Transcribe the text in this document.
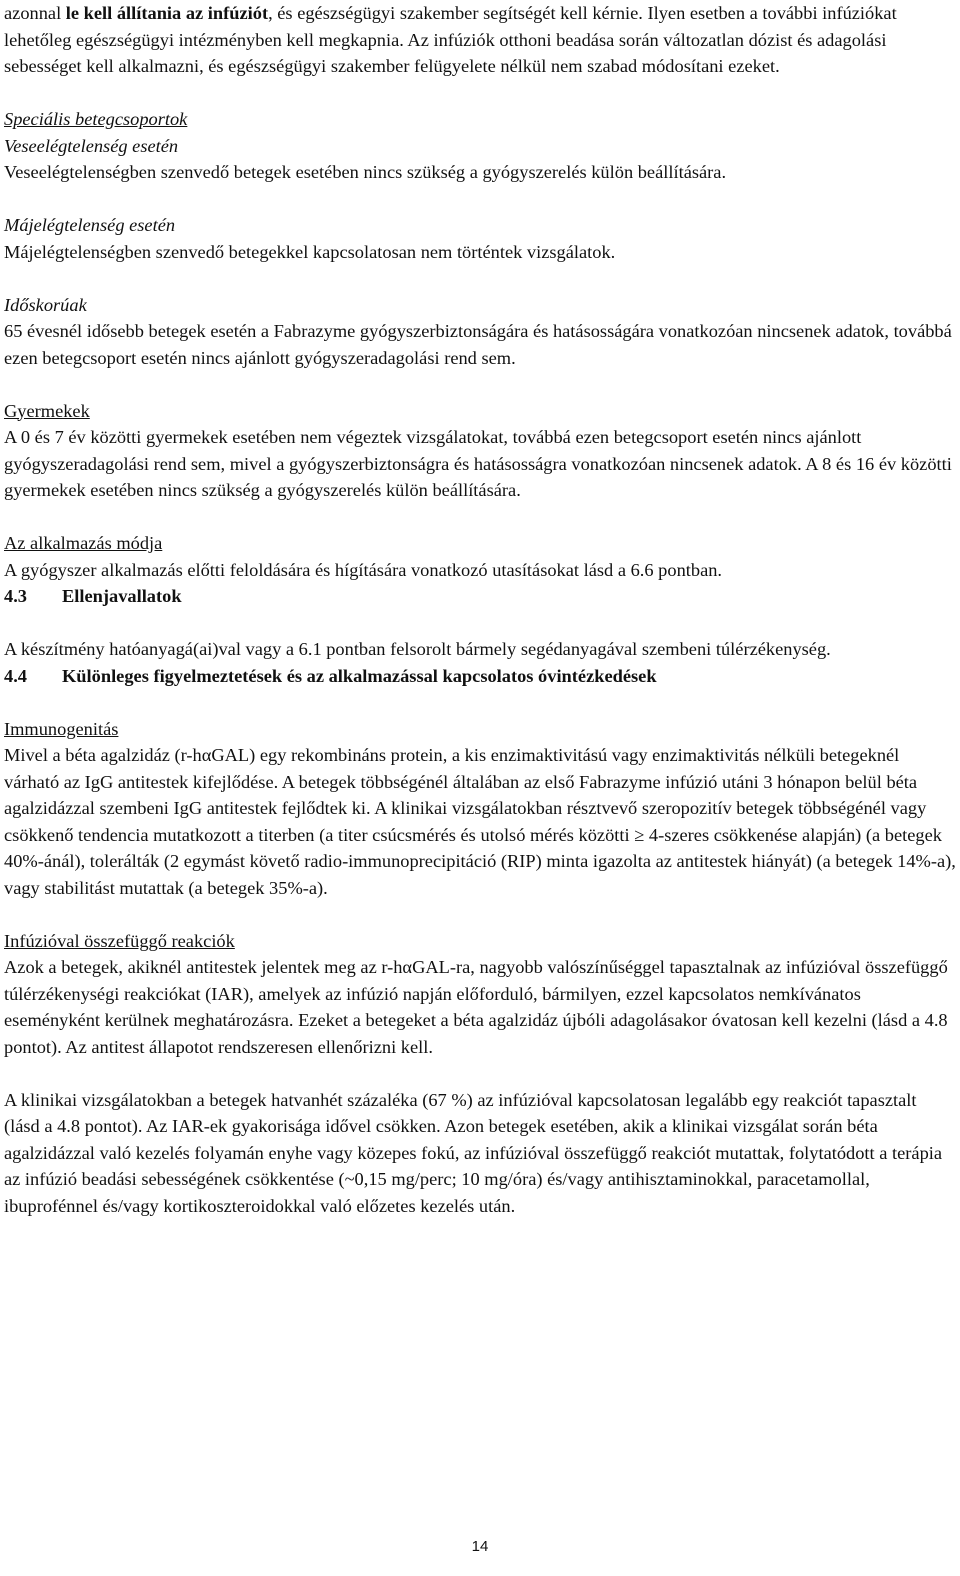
azonnal le kell állítania az infúziót, és egészségügyi szakember segítségét kell kérnie. Ilyen esetben a további infúziókat lehetőleg egészségügyi intézményben kell megkapnia. Az infúziók otthoni beadása során változatlan dózist és adagolási sebességet kell alkalmazni, és egészségügyi szakember felügyelete nélkül nem szabad módosítani ezeket.

Speciális betegcsoportok

Veseelégtelenség esetén

Veseelégtelenségben szenvedő betegek esetében nincs szükség a gyógyszerelés külön beállítására.

Májelégtelenség esetén

Májelégtelenségben szenvedő betegekkel kapcsolatosan nem történtek vizsgálatok.

Időskorúak

65 évesnél idősebb betegek esetén a Fabrazyme gyógyszerbiztonságára és hatásosságára vonatkozóan nincsenek adatok, továbbá ezen betegcsoport esetén nincs ajánlott gyógyszeradagolási rend sem.

Gyermekek

A 0 és 7 év közötti gyermekek esetében nem végeztek vizsgálatokat, továbbá ezen betegcsoport esetén nincs ajánlott gyógyszeradagolási rend sem, mivel a gyógyszerbiztonságra és hatásosságra vonatkozóan nincsenek adatok. A 8 és 16 év közötti gyermekek esetében nincs szükség a gyógyszerelés külön beállítására.

Az alkalmazás módja

A gyógyszer alkalmazás előtti feloldására és hígítására vonatkozó utasításokat lásd a 6.6 pontban.

4.3 Ellenjavallatok

A készítmény hatóanyagá(ai)val vagy a 6.1 pontban felsorolt bármely segédanyagával szembeni túlérzékenység.

4.4 Különleges figyelmeztetések és az alkalmazással kapcsolatos óvintézkedések

Immunogenitás

Mivel a béta agalzidáz (r-hαGAL) egy rekombináns protein, a kis enzimaktivitású vagy enzimaktivitás nélküli betegeknél várható az IgG antitestek kifejlődése. A betegek többségénél általában az első Fabrazyme infúzió utáni 3 hónapon belül béta agalzidázzal szembeni IgG antitestek fejlődtek ki. A klinikai vizsgálatokban résztvevő szeropozitív betegek többségénél vagy csökkenő tendencia mutatkozott a titerben (a titer csúcsmérés és utolsó mérés közötti ≥ 4-szeres csökkenése alapján) (a betegek 40%-ánál), tolerálták (2 egymást követő radio-immunoprecipitáció (RIP) minta igazolta az antitestek hiányát) (a betegek 14%-a), vagy stabilitást mutattak (a betegek 35%-a).

Infúzióval összefüggő reakciók

Azok a betegek, akiknél antitestek jelentek meg az r-hαGAL-ra, nagyobb valószínűséggel tapasztalnak az infúzióval összefüggő túlérzékenységi reakciókat (IAR), amelyek az infúzió napján előforduló, bármilyen, ezzel kapcsolatos nemkívánatos eseményként kerülnek meghatározásra. Ezeket a betegeket a béta agalzidáz újbóli adagolásakor óvatosan kell kezelni (lásd a 4.8 pontot). Az antitest állapotot rendszeresen ellenőrizni kell.

A klinikai vizsgálatokban a betegek hatvanhét százaléka (67 %) az infúzióval kapcsolatosan legalább egy reakciót tapasztalt (lásd a 4.8 pontot). Az IAR-ek gyakorisága idővel csökken. Azon betegek esetében, akik a klinikai vizsgálat során béta agalzidázzal való kezelés folyamán enyhe vagy közepes fokú, az infúzióval összefüggő reakciót mutattak, folytatódott a terápia az infúzió beadási sebességének csökkentése (~0,15 mg/perc; 10 mg/óra) és/vagy antihisztaminokkal, paracetamollal, ibuprofénnel és/vagy kortikoszteroidokkal való előzetes kezelés után.

14
